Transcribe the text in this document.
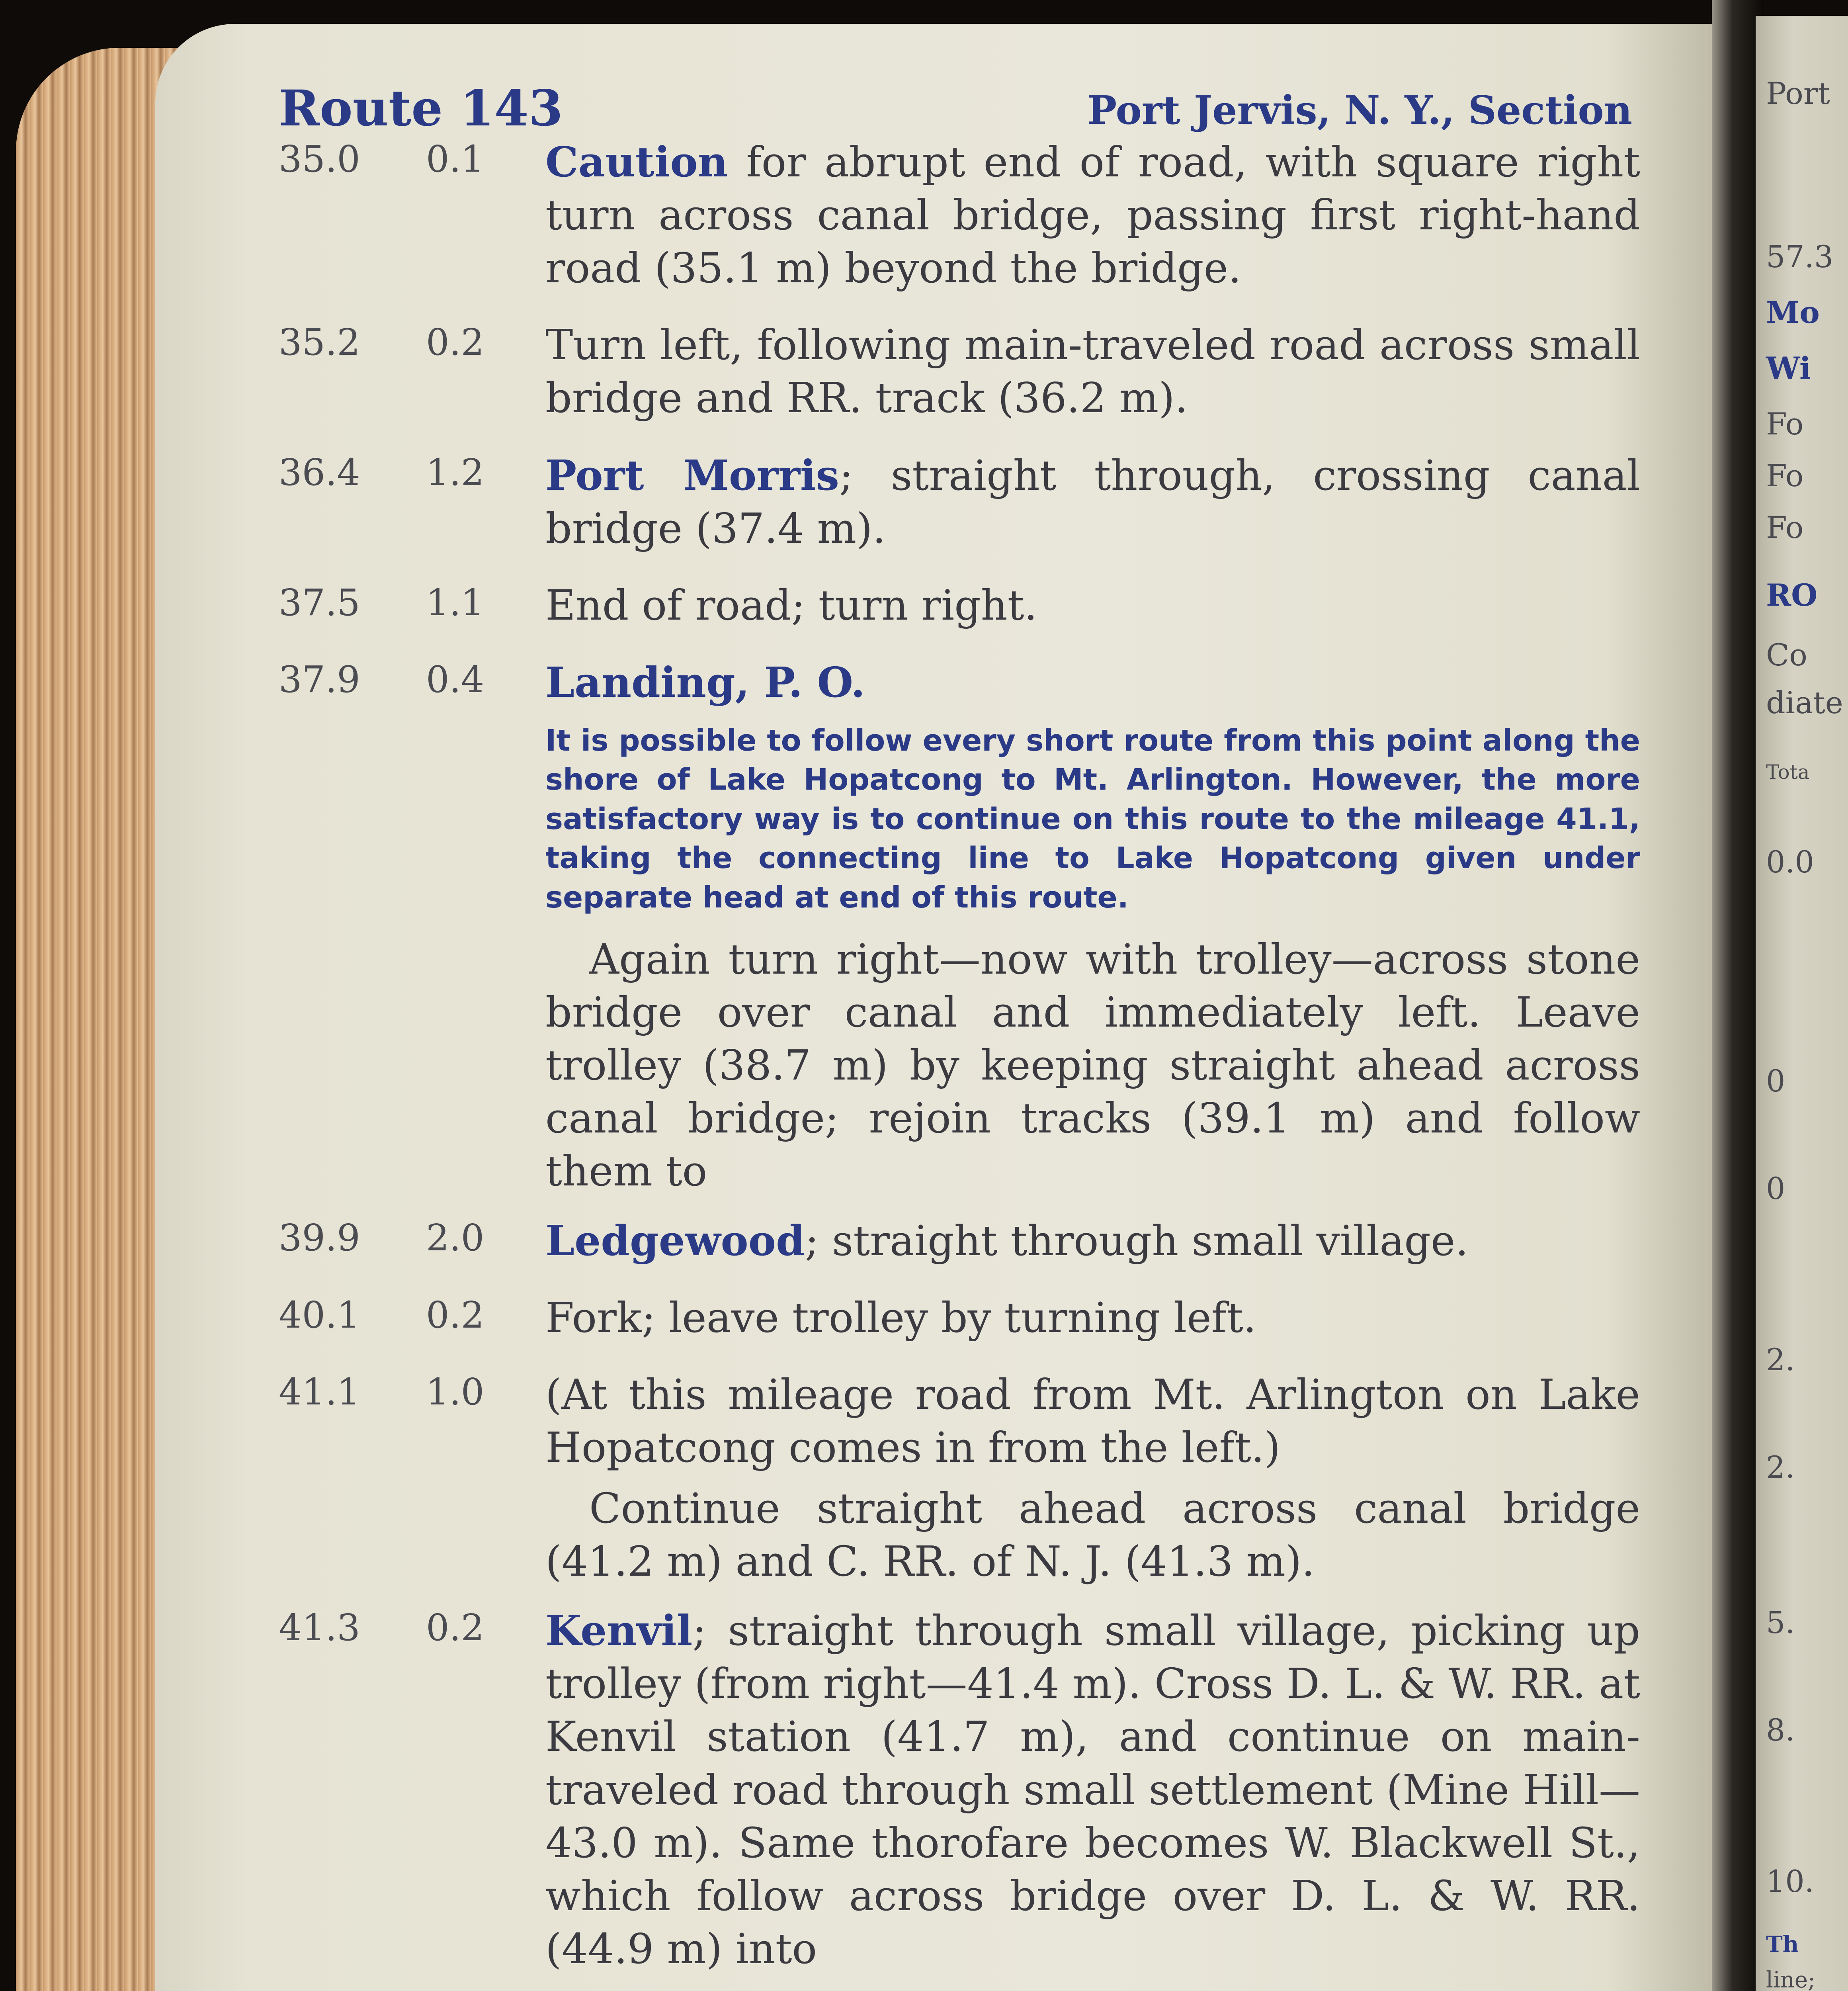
Port
57.3
Mo
Wi
Fo
Fo
Fo
RO
Co
diate
Tota
0.0
0
0
2.
2.
5.
8.
10.
Th
line;
Route 143	Port Jervis, N. Y., Section
35.0	0.1	Caution for abrupt end of road, with square right turn across canal bridge, passing first right-hand road (35.1 m) beyond the bridge.
35.2	0.2	Turn left, following main-traveled road across small bridge and RR. track (36.2 m).
36.4	1.2	Port Morris; straight through, crossing canal bridge (37.4 m).
37.5	1.1	End of road; turn right.
37.9	0.4	Landing, P. O.
It is possible to follow every short route from this point along the shore of Lake Hopatcong to Mt. Arlington. However, the more satisfactory way is to continue on this route to the mileage 41.1, taking the connecting line to Lake Hopatcong given under separate head at end of this route.
Again turn right—now with trolley—across stone bridge over canal and immediately left. Leave trolley (38.7 m) by keeping straight ahead across canal bridge; rejoin tracks (39.1 m) and follow them to
39.9	2.0	Ledgewood; straight through small village.
40.1	0.2	Fork; leave trolley by turning left.
41.1	1.0	(At this mileage road from Mt. Arlington on Lake Hopatcong comes in from the left.)
Continue straight ahead across canal bridge (41.2 m) and C. RR. of N. J. (41.3 m).
41.3	0.2	Kenvil; straight through small village, picking up trolley (from right—41.4 m). Cross D. L. & W. RR. at Kenvil station (41.7 m), and continue on main-traveled road through small settlement (Mine Hill—43.0 m). Same thorofare becomes W. Blackwell St., which follow across bridge over D. L. & W. RR. (44.9 m) into
